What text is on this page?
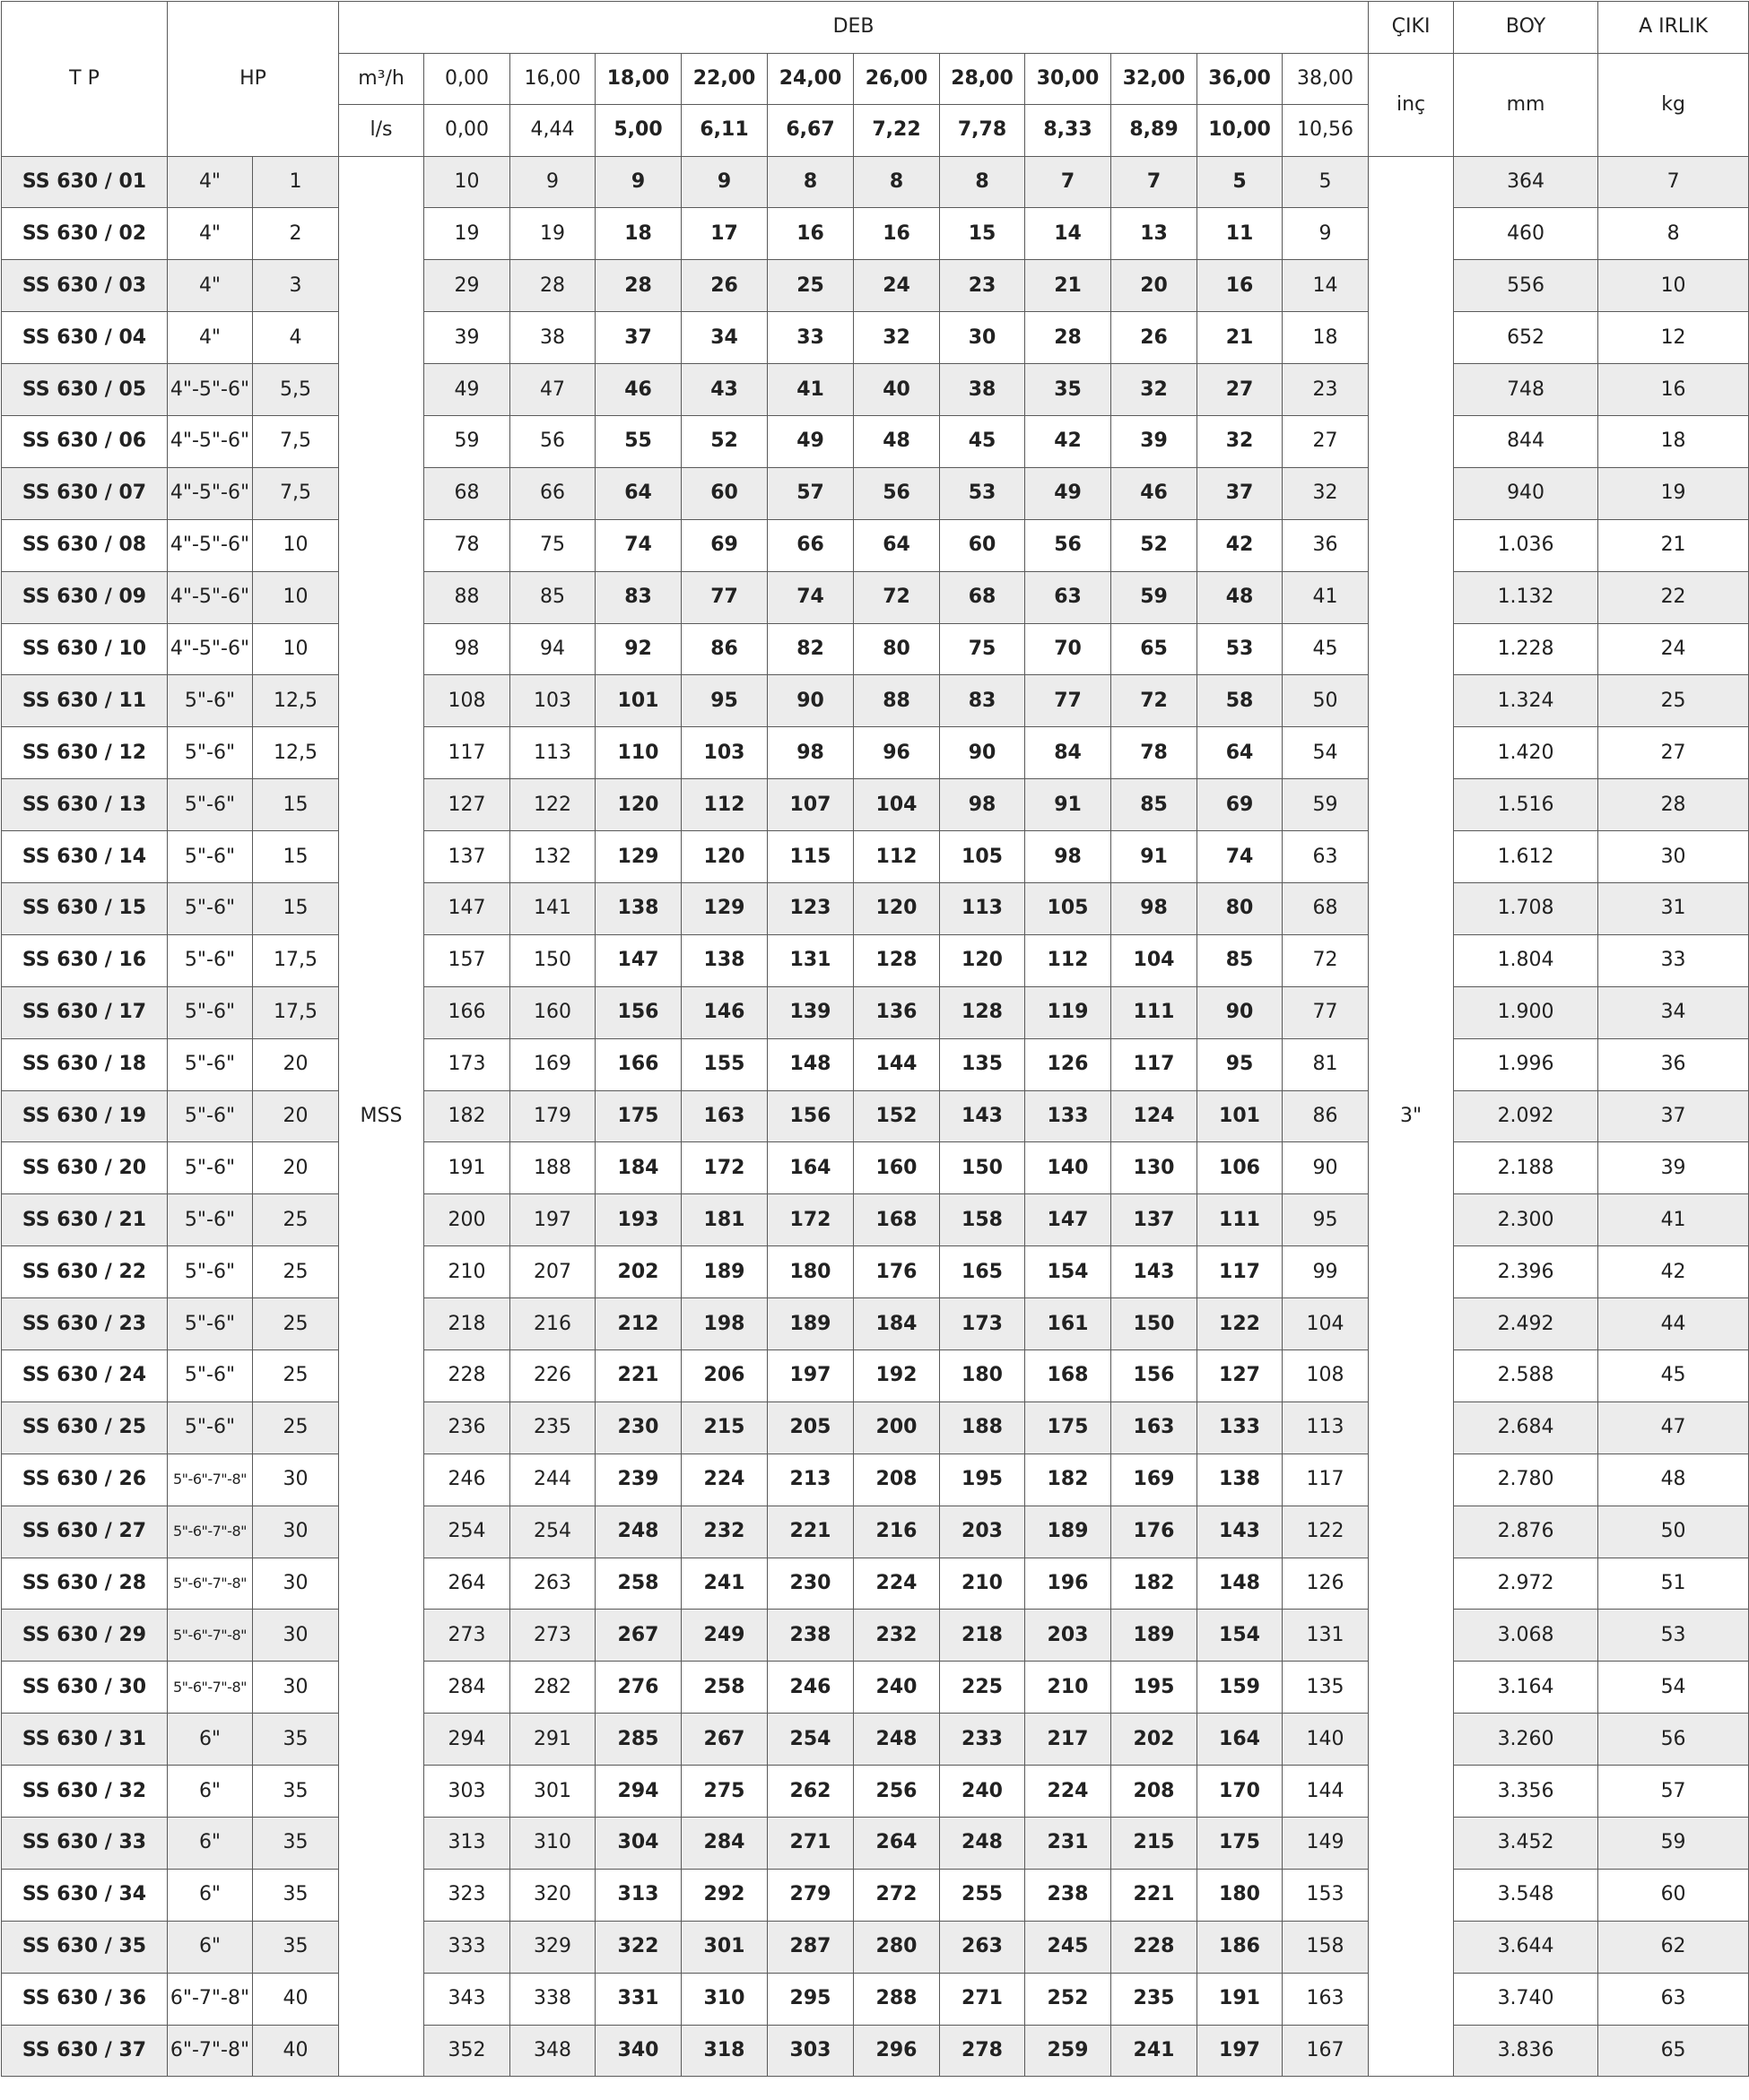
T P	HP		DEB												ÇIKI	BOY	A IRLIK
			m³/h	0,00	16,00	18,00	22,00	24,00	26,00	28,00	30,00	32,00	36,00	38,00	inç	mm	kg
			l/s	0,00	4,44	5,00	6,11	6,67	7,22	7,78	8,33	8,89	10,00	10,56			
SS 630 / 01	4"	1	MSS	10	9	9	9	8	8	8	7	7	5	5	3"	364	7
SS 630 / 02	4"	2		19	19	18	17	16	16	15	14	13	11	9		460	8
SS 630 / 03	4"	3		29	28	28	26	25	24	23	21	20	16	14		556	10
SS 630 / 04	4"	4		39	38	37	34	33	32	30	28	26	21	18		652	12
SS 630 / 05	4"-5"-6"	5,5		49	47	46	43	41	40	38	35	32	27	23		748	16
SS 630 / 06	4"-5"-6"	7,5		59	56	55	52	49	48	45	42	39	32	27		844	18
SS 630 / 07	4"-5"-6"	7,5		68	66	64	60	57	56	53	49	46	37	32		940	19
SS 630 / 08	4"-5"-6"	10		78	75	74	69	66	64	60	56	52	42	36		1.036	21
SS 630 / 09	4"-5"-6"	10		88	85	83	77	74	72	68	63	59	48	41		1.132	22
SS 630 / 10	4"-5"-6"	10		98	94	92	86	82	80	75	70	65	53	45		1.228	24
SS 630 / 11	5"-6"	12,5		108	103	101	95	90	88	83	77	72	58	50		1.324	25
SS 630 / 12	5"-6"	12,5		117	113	110	103	98	96	90	84	78	64	54		1.420	27
SS 630 / 13	5"-6"	15		127	122	120	112	107	104	98	91	85	69	59		1.516	28
SS 630 / 14	5"-6"	15		137	132	129	120	115	112	105	98	91	74	63		1.612	30
SS 630 / 15	5"-6"	15		147	141	138	129	123	120	113	105	98	80	68		1.708	31
SS 630 / 16	5"-6"	17,5		157	150	147	138	131	128	120	112	104	85	72		1.804	33
SS 630 / 17	5"-6"	17,5		166	160	156	146	139	136	128	119	111	90	77		1.900	34
SS 630 / 18	5"-6"	20		173	169	166	155	148	144	135	126	117	95	81		1.996	36
SS 630 / 19	5"-6"	20		182	179	175	163	156	152	143	133	124	101	86		2.092	37
SS 630 / 20	5"-6"	20		191	188	184	172	164	160	150	140	130	106	90		2.188	39
SS 630 / 21	5"-6"	25		200	197	193	181	172	168	158	147	137	111	95		2.300	41
SS 630 / 22	5"-6"	25		210	207	202	189	180	176	165	154	143	117	99		2.396	42
SS 630 / 23	5"-6"	25		218	216	212	198	189	184	173	161	150	122	104		2.492	44
SS 630 / 24	5"-6"	25		228	226	221	206	197	192	180	168	156	127	108		2.588	45
SS 630 / 25	5"-6"	25		236	235	230	215	205	200	188	175	163	133	113		2.684	47
SS 630 / 26	5"-6"-7"-8"	30		246	244	239	224	213	208	195	182	169	138	117		2.780	48
SS 630 / 27	5"-6"-7"-8"	30		254	254	248	232	221	216	203	189	176	143	122		2.876	50
SS 630 / 28	5"-6"-7"-8"	30		264	263	258	241	230	224	210	196	182	148	126		2.972	51
SS 630 / 29	5"-6"-7"-8"	30		273	273	267	249	238	232	218	203	189	154	131		3.068	53
SS 630 / 30	5"-6"-7"-8"	30		284	282	276	258	246	240	225	210	195	159	135		3.164	54
SS 630 / 31	6"	35		294	291	285	267	254	248	233	217	202	164	140		3.260	56
SS 630 / 32	6"	35		303	301	294	275	262	256	240	224	208	170	144		3.356	57
SS 630 / 33	6"	35		313	310	304	284	271	264	248	231	215	175	149		3.452	59
SS 630 / 34	6"	35		323	320	313	292	279	272	255	238	221	180	153		3.548	60
SS 630 / 35	6"	35		333	329	322	301	287	280	263	245	228	186	158		3.644	62
SS 630 / 36	6"-7"-8"	40		343	338	331	310	295	288	271	252	235	191	163		3.740	63
SS 630 / 37	6"-7"-8"	40		352	348	340	318	303	296	278	259	241	197	167		3.836	65
